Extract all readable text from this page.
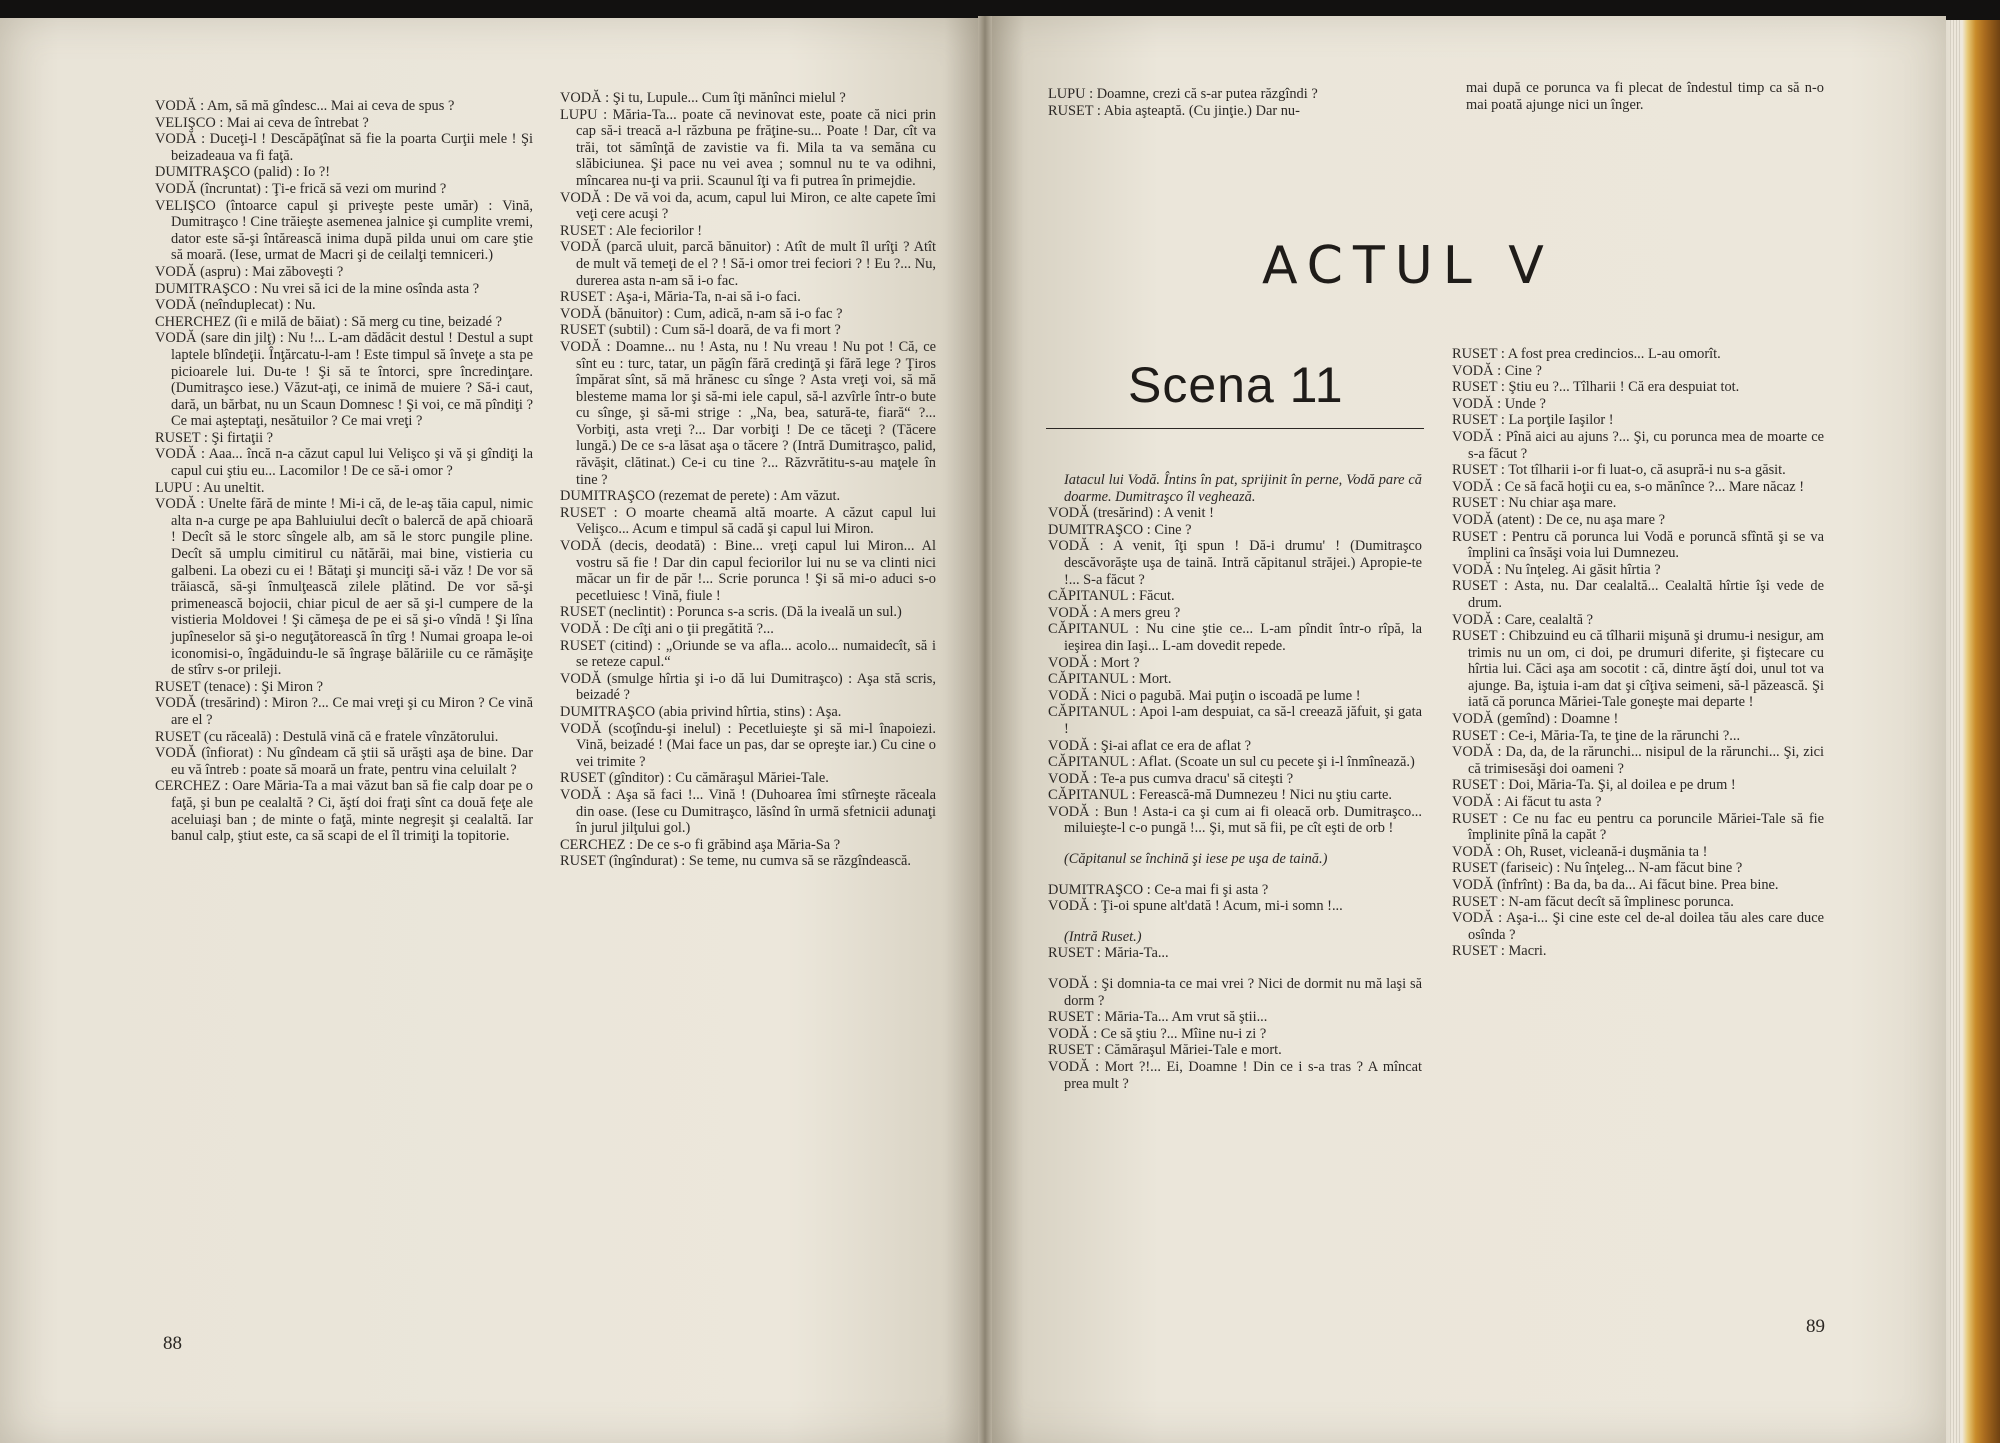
VODĂ : Am, să mă gîndesc... Mai ai ceva de spus ?

VELIŞCO : Mai ai ceva de întrebat ?

VODĂ : Duceţi-l ! Descăpăţînat să fie la poarta Curţii mele ! Şi beizadeaua va fi faţă.

DUMITRAŞCO (palid) : Io ?!

VODĂ (încruntat) : Ţi-e frică să vezi om murind ?

VELIŞCO (întoarce capul şi priveşte peste umăr) : Vină, Dumitraşco ! Cine trăieşte asemenea jalnice şi cumplite vremi, dator este să-şi întărească inima după pilda unui om care ştie să moară. (Iese, urmat de Macri şi de ceilalţi temniceri.)

VODĂ (aspru) : Mai zăboveşti ?

DUMITRAŞCO : Nu vrei să ici de la mine osînda asta ?

VODĂ (neînduplecat) : Nu.

CHERCHEZ (îi e milă de băiat) : Să merg cu tine, beizadé ?

VODĂ (sare din jilţ) : Nu !... L-am dădăcit destul ! Destul a supt laptele blîndeţii. Înţărcatu-l-am ! Este timpul să înveţe a sta pe picioarele lui. Du-te ! Şi să te întorci, spre încredinţare. (Dumitraşco iese.) Văzut-aţi, ce inimă de muiere ? Să-i caut, dară, un bărbat, nu un Scaun Domnesc ! Şi voi, ce mă pîndiţi ? Ce mai aşteptaţi, nesătuilor ? Ce mai vreţi ?

RUSET : Şi firtaţii ?

VODĂ : Aaa... încă n-a căzut capul lui Velişco şi vă şi gîndiţi la capul cui ştiu eu... Lacomilor ! De ce să-i omor ?

LUPU : Au uneltit.

VODĂ : Unelte fără de minte ! Mi-i că, de le-aş tăia capul, nimic alta n-a curge pe apa Bahluiului decît o balercă de apă chioară ! Decît să le storc sîngele alb, am să le storc pungile pline. Decît să umplu cimitirul cu nătărăi, mai bine, vistieria cu galbeni. La obezi cu ei ! Bătaţi şi munciţi să-i văz ! De vor să trăiască, să-şi înmulţească zilele plătind. De vor să-şi primenească bojocii, chiar picul de aer să şi-l cumpere de la vistieria Moldovei ! Şi cămeşa de pe ei să şi-o vîndă ! Şi lîna jupîneselor să şi-o neguţătorească în tîrg ! Numai groapa le-oi iconomisi-o, îngăduindu-le să îngraşe bălăriile cu ce rămăşiţe de stîrv s-or prileji.

RUSET (tenace) : Şi Miron ?

VODĂ (tresărind) : Miron ?... Ce mai vreţi şi cu Miron ? Ce vină are el ?

RUSET (cu răceală) : Destulă vină că e fratele vînzătorului.

VODĂ (înfiorat) : Nu gîndeam că ştii să urăşti aşa de bine. Dar eu vă întreb : poate să moară un frate, pentru vina celuilalt ?

CERCHEZ : Oare Măria-Ta a mai văzut ban să fie calp doar pe o faţă, şi bun pe cealaltă ? Ci, ăştí doi fraţi sînt ca două feţe ale aceluiaşi ban ; de minte o faţă, minte negreşit şi cealaltă. Iar banul calp, ştiut este, ca să scapi de el îl trimiţi la topitorie.

VODĂ : Şi tu, Lupule... Cum îţi mănînci mielul ?

LUPU : Măria-Ta... poate că nevinovat este, poate că nici prin cap să-i treacă a-l răzbuna pe frăţine-su... Poate ! Dar, cît va trăi, tot sămînţă de zavistie va fi. Mila ta va semăna cu slăbiciunea. Şi pace nu vei avea ; somnul nu te va odihni, mîncarea nu-ţi va prii. Scaunul îţi va fi putrea în primejdie.

VODĂ : De vă voi da, acum, capul lui Miron, ce alte capete îmi veţi cere acuşi ?

RUSET : Ale feciorilor !

VODĂ (parcă uluit, parcă bănuitor) : Atît de mult îl urîţi ? Atît de mult vă temeţi de el ? ! Să-i omor trei feciori ? ! Eu ?... Nu, durerea asta n-am să i-o fac.

RUSET : Aşa-i, Măria-Ta, n-ai să i-o faci.

VODĂ (bănuitor) : Cum, adică, n-am să i-o fac ?

RUSET (subtil) : Cum să-l doară, de va fi mort ?

VODĂ : Doamne... nu ! Asta, nu ! Nu vreau ! Nu pot ! Că, ce sînt eu : turc, tatar, un păgîn fără credinţă şi fără lege ? Ţiros împărat sînt, să mă hrănesc cu sînge ? Asta vreţi voi, să mă blesteme mama lor şi să-mi iele capul, să-l azvîrle într-o bute cu sînge, şi să-mi strige : „Na, bea, satură-te, fiară“ ?... Vorbiţi, asta vreţi ?... Dar vorbiţi ! De ce tăceţi ? (Tăcere lungă.) De ce s-a lăsat aşa o tăcere ? (Intră Dumitraşco, palid, răvăşit, clătinat.) Ce-i cu tine ?... Răzvrătitu-s-au maţele în tine ?

DUMITRAŞCO (rezemat de perete) : Am văzut.

RUSET : O moarte cheamă altă moarte. A căzut capul lui Velişco... Acum e timpul să cadă şi capul lui Miron.

VODĂ (decis, deodată) : Bine... vreţi capul lui Miron... Al vostru să fie ! Dar din capul feciorilor lui nu se va clinti nici măcar un fir de păr !... Scrie porunca ! Şi să mi-o aduci s-o pecetluiesc ! Vină, fiule !

RUSET (neclintit) : Porunca s-a scris. (Dă la iveală un sul.)

VODĂ : De cîţi ani o ţii pregătită ?...

RUSET (citind) : „Oriunde se va afla... acolo... numaidecît, să i se reteze capul.“

VODĂ (smulge hîrtia şi i-o dă lui Dumitraşco) : Aşa stă scris, beizadé ?

DUMITRAŞCO (abia privind hîrtia, stins) : Aşa.

VODĂ (scoţîndu-şi inelul) : Pecetluieşte şi să mi-l înapoiezi. Vină, beizadé ! (Mai face un pas, dar se opreşte iar.) Cu cine o vei trimite ?

RUSET (gînditor) : Cu cămăraşul Măriei-Tale.

VODĂ : Aşa să faci !... Vină ! (Duhoarea îmi stîrneşte răceala din oase. (Iese cu Dumitraşco, lăsînd în urmă sfetnicii adunaţi în jurul jilţului gol.)

CERCHEZ : De ce s-o fi grăbind aşa Măria-Sa ?

RUSET (îngîndurat) : Se teme, nu cumva să se răzgîndească.

LUPU : Doamne, crezi că s-ar putea răzgîndi ?

RUSET : Abia aşteaptă. (Cu jinţie.) Dar nu-

mai după ce porunca va fi plecat de îndestul timp ca să n-o mai poată ajunge nici un înger.

ACTUL V
Scena 11

Iatacul lui Vodă. Întins în pat, sprijinit în perne, Vodă pare că doarme. Dumitraşco îl veghează.

VODĂ (tresărind) : A venit !

DUMITRAŞCO : Cine ?

VODĂ : A venit, îţi spun ! Dă-i drumu' ! (Dumitraşco descăvorăşte uşa de taină. Intră căpitanul străjei.) Apropie-te !... S-a făcut ?

CĂPITANUL : Făcut.

VODĂ : A mers greu ?

CĂPITANUL : Nu cine ştie ce... L-am pîndit într-o rîpă, la ieşirea din Iaşi... L-am dovedit repede.

VODĂ : Mort ?

CĂPITANUL : Mort.

VODĂ : Nici o pagubă. Mai puţin o iscoadă pe lume !

CĂPITANUL : Apoi l-am despuiat, ca să-l creează jăfuit, şi gata !

VODĂ : Şi-ai aflat ce era de aflat ?

CĂPITANUL : Aflat. (Scoate un sul cu pecete şi i-l înmînează.)

VODĂ : Te-a pus cumva dracu' să citeşti ?

CĂPITANUL : Ferească-mă Dumnezeu ! Nici nu ştiu carte.

VODĂ : Bun ! Asta-i ca şi cum ai fi oleacă orb. Dumitraşco... miluieşte-l c-o pungă !... Şi, mut să fii, pe cît eşti de orb !

(Căpitanul se închină şi iese pe uşa de taină.)

DUMITRAŞCO : Ce-a mai fi şi asta ?

VODĂ : Ţi-oi spune alt'dată ! Acum, mi-i somn !...

(Intră Ruset.)

RUSET : Măria-Ta...

VODĂ : Şi domnia-ta ce mai vrei ? Nici de dormit nu mă laşi să dorm ?

RUSET : Măria-Ta... Am vrut să ştii...

VODĂ : Ce să ştiu ?... Mîine nu-i zi ?

RUSET : Cămăraşul Măriei-Tale e mort.

VODĂ : Mort ?!... Ei, Doamne ! Din ce i s-a tras ? A mîncat prea mult ?

RUSET : A fost prea credincios... L-au omorît.

VODĂ : Cine ?

RUSET : Ştiu eu ?... Tîlharii ! Că era despuiat tot.

VODĂ : Unde ?

RUSET : La porţile Iaşilor !

VODĂ : Pînă aici au ajuns ?... Şi, cu porunca mea de moarte ce s-a făcut ?

RUSET : Tot tîlharii i-or fi luat-o, că asupră-i nu s-a găsit.

VODĂ : Ce să facă hoţii cu ea, s-o mănînce ?... Mare năcaz !

RUSET : Nu chiar aşa mare.

VODĂ (atent) : De ce, nu aşa mare ?

RUSET : Pentru că porunca lui Vodă e poruncă sfîntă şi se va împlini ca însăşi voia lui Dumnezeu.

VODĂ : Nu înţeleg. Ai găsit hîrtia ?

RUSET : Asta, nu. Dar cealaltă... Cealaltă hîrtie îşi vede de drum.

VODĂ : Care, cealaltă ?

RUSET : Chibzuind eu că tîlharii mişună şi drumu-i nesigur, am trimis nu un om, ci doi, pe drumuri diferite, şi fiştecare cu hîrtia lui. Căci aşa am socotit : că, dintre ăştí doi, unul tot va ajunge. Ba, iştuia i-am dat şi cîţiva seimeni, să-l păzească. Şi iată că porunca Măriei-Tale goneşte mai departe !

VODĂ (gemînd) : Doamne !

RUSET : Ce-i, Măria-Ta, te ţine de la rărunchi ?...

VODĂ : Da, da, de la rărunchi... nisipul de la rărunchi... Şi, zici că trimisesăşi doi oameni ?

RUSET : Doi, Măria-Ta. Şi, al doilea e pe drum !

VODĂ : Ai făcut tu asta ?

RUSET : Ce nu fac eu pentru ca poruncile Măriei-Tale să fie împlinite pînă la capăt ?

VODĂ : Oh, Ruset, vicleană-i duşmănia ta !

RUSET (fariseic) : Nu înţeleg... N-am făcut bine ?

VODĂ (înfrînt) : Ba da, ba da... Ai făcut bine. Prea bine.

RUSET : N-am făcut decît să împlinesc porunca.

VODĂ : Aşa-i... Şi cine este cel de-al doilea tău ales care duce osînda ?

RUSET : Macri.

88
89
